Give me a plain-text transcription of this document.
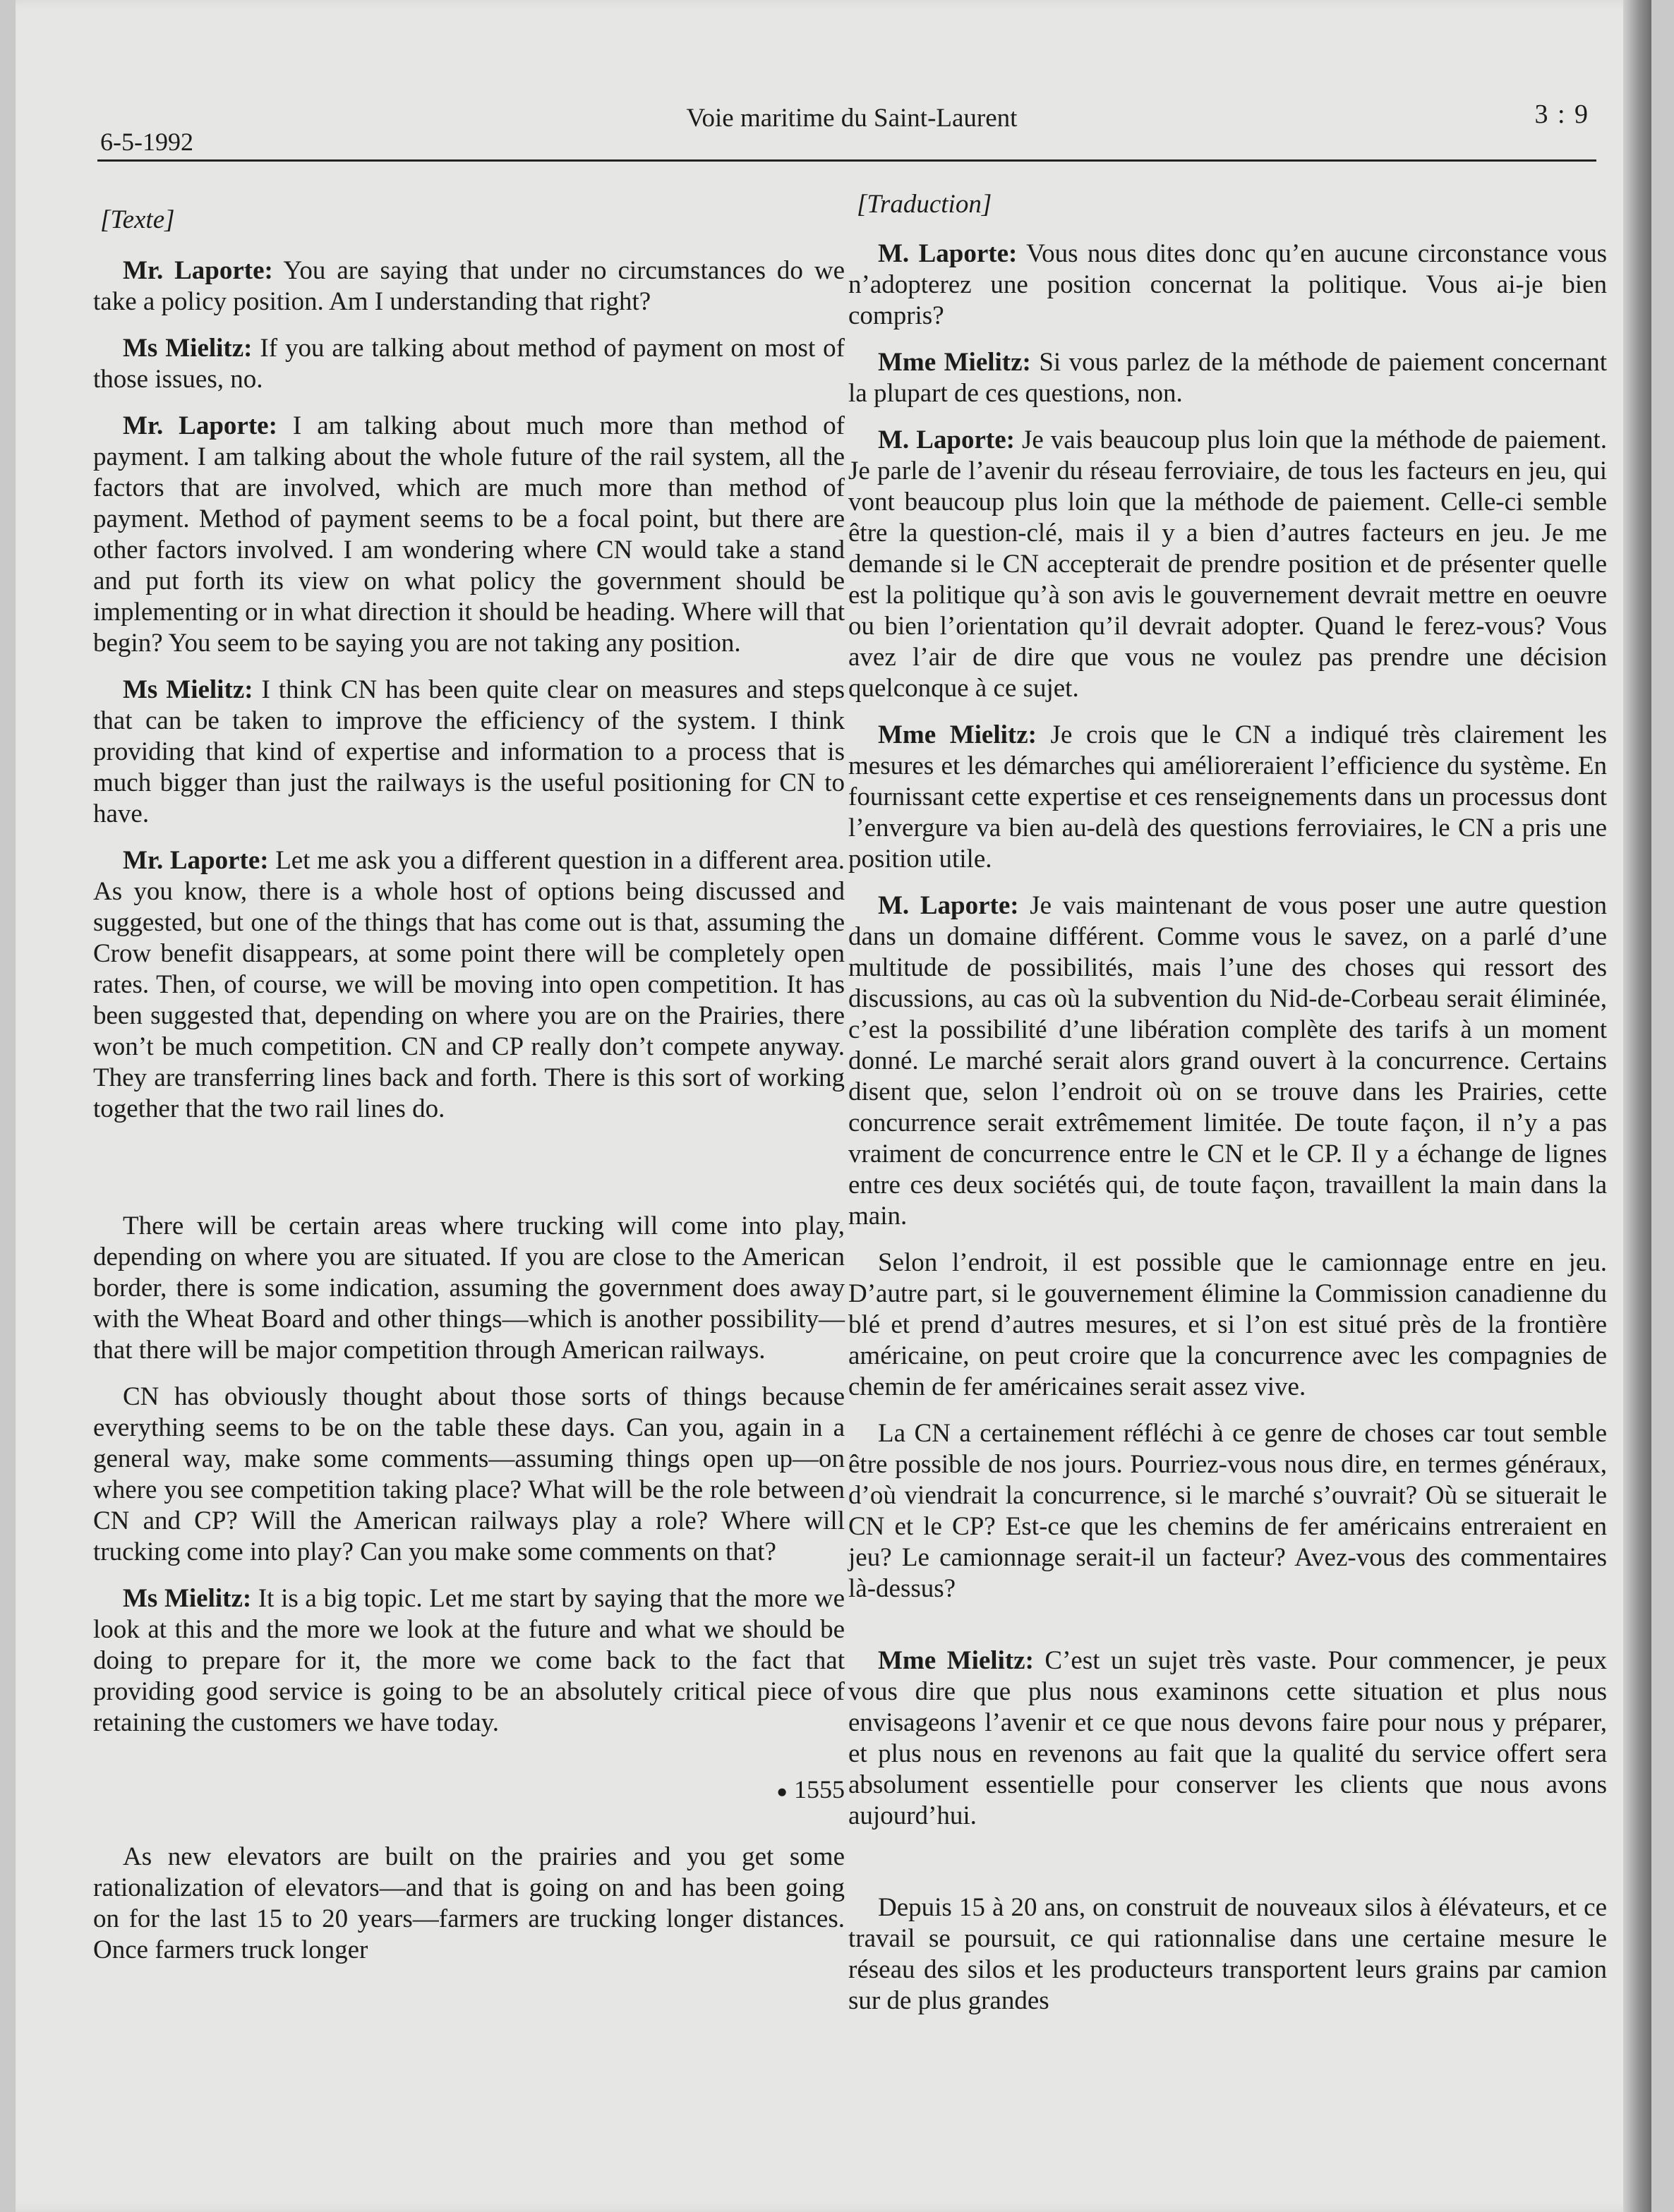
6-5-1992
Voie maritime du Saint-Laurent	3 : 9
[Texte]
Mr. Laporte: You are saying that under no circumstances do we take a policy position. Am I understanding that right?
Ms Mielitz: If you are talking about method of payment on most of those issues, no.
Mr. Laporte: I am talking about much more than method of payment. I am talking about the whole future of the rail system, all the factors that are involved, which are much more than method of payment. Method of payment seems to be a focal point, but there are other factors involved. I am wondering where CN would take a stand and put forth its view on what policy the government should be implementing or in what direction it should be heading. Where will that begin? You seem to be saying you are not taking any position.
Ms Mielitz: I think CN has been quite clear on measures and steps that can be taken to improve the efficiency of the system. I think providing that kind of expertise and information to a process that is much bigger than just the railways is the useful positioning for CN to have.
Mr. Laporte: Let me ask you a different question in a different area. As you know, there is a whole host of options being discussed and suggested, but one of the things that has come out is that, assuming the Crow benefit disappears, at some point there will be completely open rates. Then, of course, we will be moving into open competition. It has been suggested that, depending on where you are on the Prairies, there won’t be much competition. CN and CP really don’t compete anyway. They are transferring lines back and forth. There is this sort of working together that the two rail lines do.
There will be certain areas where trucking will come into play, depending on where you are situated. If you are close to the American border, there is some indication, assuming the government does away with the Wheat Board and other things—which is another possibility—that there will be major competition through American railways.
CN has obviously thought about those sorts of things because everything seems to be on the table these days. Can you, again in a general way, make some comments—assuming things open up—on where you see competition taking place? What will be the role between CN and CP? Will the American railways play a role? Where will trucking come into play? Can you make some comments on that?
Ms Mielitz: It is a big topic. Let me start by saying that the more we look at this and the more we look at the future and what we should be doing to prepare for it, the more we come back to the fact that providing good service is going to be an absolutely critical piece of retaining the customers we have today.
● 1555
As new elevators are built on the prairies and you get some rationalization of elevators—and that is going on and has been going on for the last 15 to 20 years—farmers are trucking longer distances. Once farmers truck longer
[Traduction]
M. Laporte: Vous nous dites donc qu’en aucune circonstance vous n’adopterez une position concernat la politique. Vous ai-je bien compris?
Mme Mielitz: Si vous parlez de la méthode de paiement concernant la plupart de ces questions, non.
M. Laporte: Je vais beaucoup plus loin que la méthode de paiement. Je parle de l’avenir du réseau ferroviaire, de tous les facteurs en jeu, qui vont beaucoup plus loin que la méthode de paiement. Celle-ci semble être la question-clé, mais il y a bien d’autres facteurs en jeu. Je me demande si le CN accepterait de prendre position et de présenter quelle est la politique qu’à son avis le gouvernement devrait mettre en oeuvre ou bien l’orientation qu’il devrait adopter. Quand le ferez-vous? Vous avez l’air de dire que vous ne voulez pas prendre une décision quelconque à ce sujet.
Mme Mielitz: Je crois que le CN a indiqué très clairement les mesures et les démarches qui amélioreraient l’efficience du système. En fournissant cette expertise et ces renseignements dans un processus dont l’envergure va bien au-delà des questions ferroviaires, le CN a pris une position utile.
M. Laporte: Je vais maintenant de vous poser une autre question dans un domaine différent. Comme vous le savez, on a parlé d’une multitude de possibilités, mais l’une des choses qui ressort des discussions, au cas où la subvention du Nid-de-Corbeau serait éliminée, c’est la possibilité d’une libération complète des tarifs à un moment donné. Le marché serait alors grand ouvert à la concurrence. Certains disent que, selon l’endroit où on se trouve dans les Prairies, cette concurrence serait extrêmement limitée. De toute façon, il n’y a pas vraiment de concurrence entre le CN et le CP. Il y a échange de lignes entre ces deux sociétés qui, de toute façon, travaillent la main dans la main.
Selon l’endroit, il est possible que le camionnage entre en jeu. D’autre part, si le gouvernement élimine la Commission canadienne du blé et prend d’autres mesures, et si l’on est situé près de la frontière américaine, on peut croire que la concurrence avec les compagnies de chemin de fer américaines serait assez vive.
La CN a certainement réfléchi à ce genre de choses car tout semble être possible de nos jours. Pourriez-vous nous dire, en termes généraux, d’où viendrait la concurrence, si le marché s’ouvrait? Où se situerait le CN et le CP? Est-ce que les chemins de fer américains entreraient en jeu? Le camionnage serait-il un facteur? Avez-vous des commentaires là-dessus?
Mme Mielitz: C’est un sujet très vaste. Pour commencer, je peux vous dire que plus nous examinons cette situation et plus nous envisageons l’avenir et ce que nous devons faire pour nous y préparer, et plus nous en revenons au fait que la qualité du service offert sera absolument essentielle pour conserver les clients que nous avons aujourd’hui.
Depuis 15 à 20 ans, on construit de nouveaux silos à élévateurs, et ce travail se poursuit, ce qui rationnalise dans une certaine mesure le réseau des silos et les producteurs transportent leurs grains par camion sur de plus grandes
